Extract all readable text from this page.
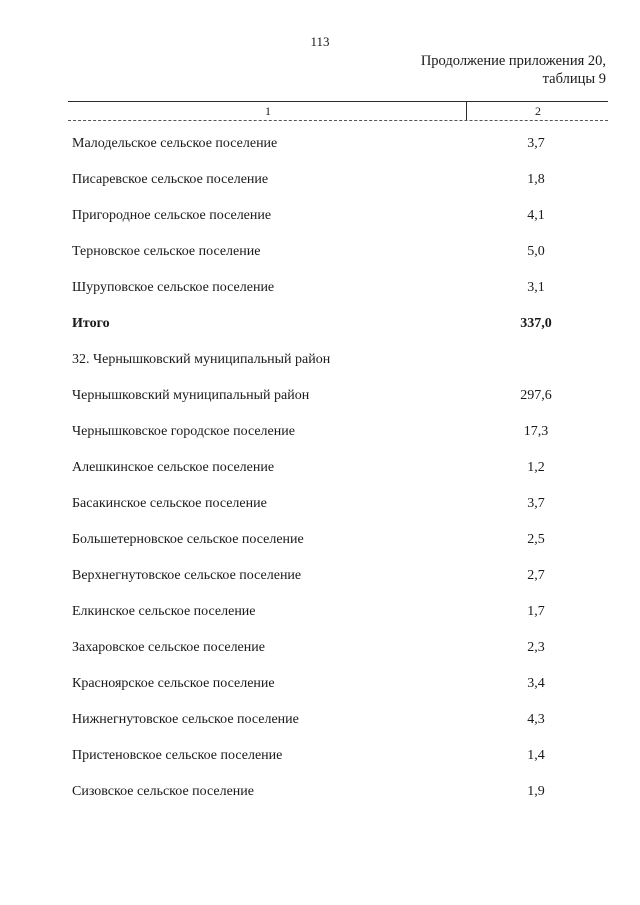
113
Продолжение приложения 20,
таблицы 9
1	2
Малодельское сельское поселение	3,7
Писаревское сельское поселение	1,8
Пригородное сельское поселение	4,1
Терновское сельское поселение	5,0
Шуруповское сельское поселение	3,1
Итого	337,0
32. Чернышковский муниципальный район
Чернышковский муниципальный район	297,6
Чернышковское городское поселение	17,3
Алешкинское сельское поселение	1,2
Басакинское сельское поселение	3,7
Большетерновское сельское поселение	2,5
Верхнегнутовское сельское поселение	2,7
Елкинское сельское поселение	1,7
Захаровское сельское поселение	2,3
Красноярское сельское поселение	3,4
Нижнегнутовское сельское поселение	4,3
Пристеновское сельское поселение	1,4
Сизовское сельское поселение	1,9
